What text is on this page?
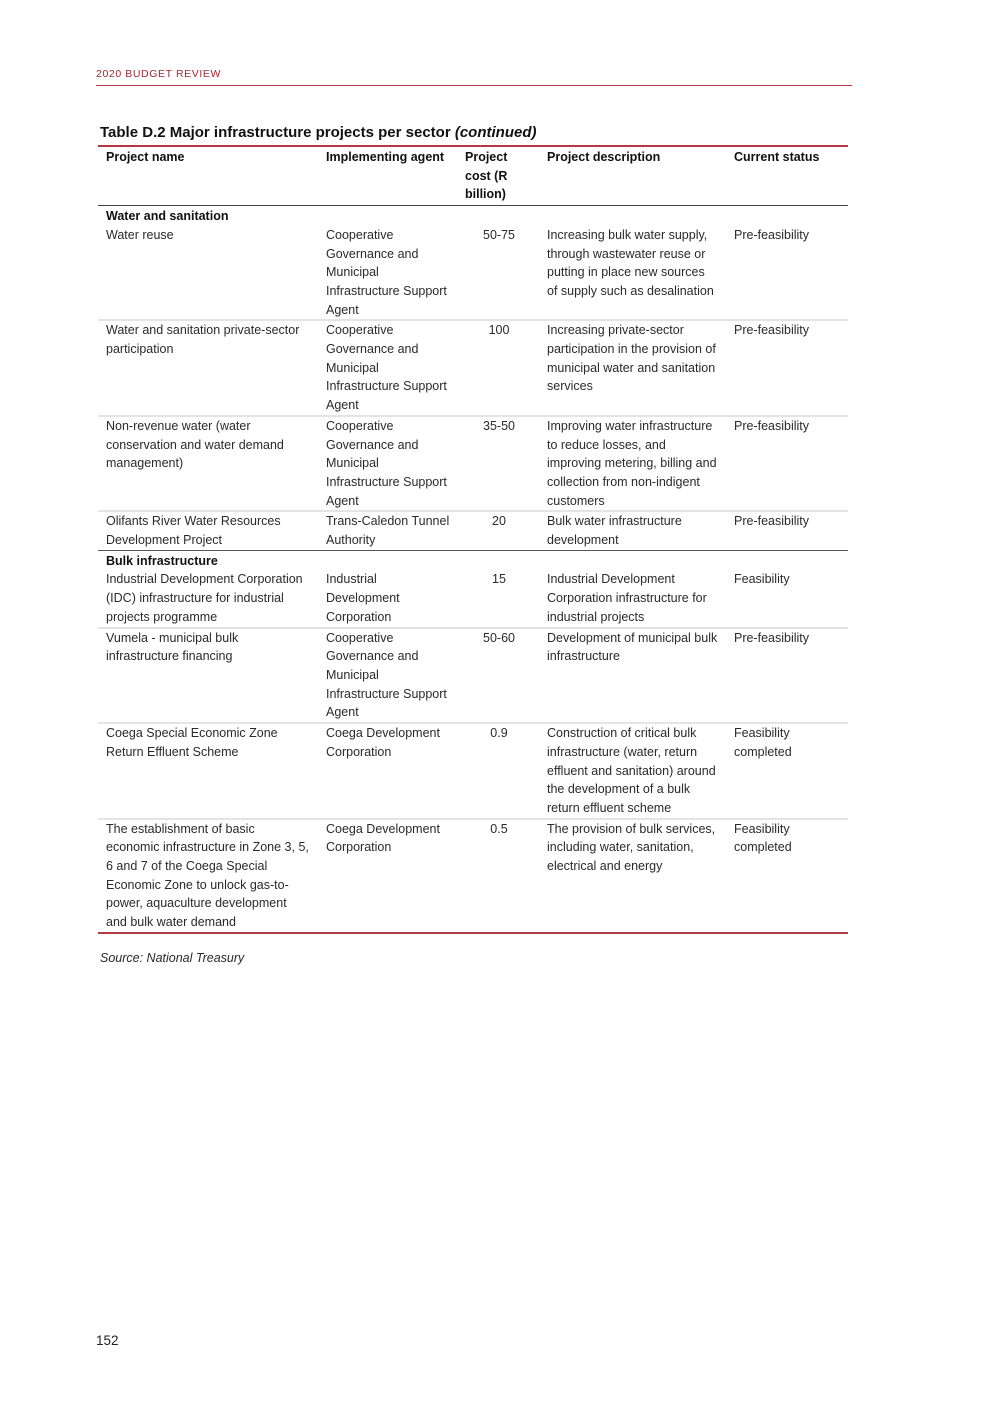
2020 BUDGET REVIEW
Table D.2 Major infrastructure projects per sector (continued)
Project name	Implementing agent	Project cost (R billion)	Project description	Current status
Water and sanitation				
Water reuse	Cooperative Governance and Municipal Infrastructure Support Agent	50-75	Increasing bulk water supply, through wastewater reuse or putting in place new sources of supply such as desalination	Pre-feasibility
Water and sanitation private-sector participation	Cooperative Governance and Municipal Infrastructure Support Agent	100	Increasing private-sector participation in the provision of municipal water and sanitation services	Pre-feasibility
Non-revenue water (water conservation and water demand management)	Cooperative Governance and Municipal Infrastructure Support Agent	35-50	Improving water infrastructure to reduce losses, and improving metering, billing and collection from non-indigent customers	Pre-feasibility
Olifants River Water Resources Development Project	Trans-Caledon Tunnel Authority	20	Bulk water infrastructure development	Pre-feasibility
Bulk infrastructure				
Industrial Development Corporation (IDC) infrastructure for industrial projects programme	Industrial Development Corporation	15	Industrial Development Corporation infrastructure for industrial projects	Feasibility
Vumela - municipal bulk infrastructure financing	Cooperative Governance and Municipal Infrastructure Support Agent	50-60	Development of municipal bulk infrastructure	Pre-feasibility
Coega Special Economic Zone Return Effluent Scheme	Coega Development Corporation	0.9	Construction of critical bulk infrastructure (water, return effluent and sanitation) around the development of a bulk return effluent scheme	Feasibility completed
The establishment of basic economic infrastructure in Zone 3, 5, 6 and 7 of the Coega Special Economic Zone to unlock gas-to-power, aquaculture development and bulk water demand	Coega Development Corporation	0.5	The provision of bulk services, including water, sanitation, electrical and energy	Feasibility completed
Source: National Treasury
152
